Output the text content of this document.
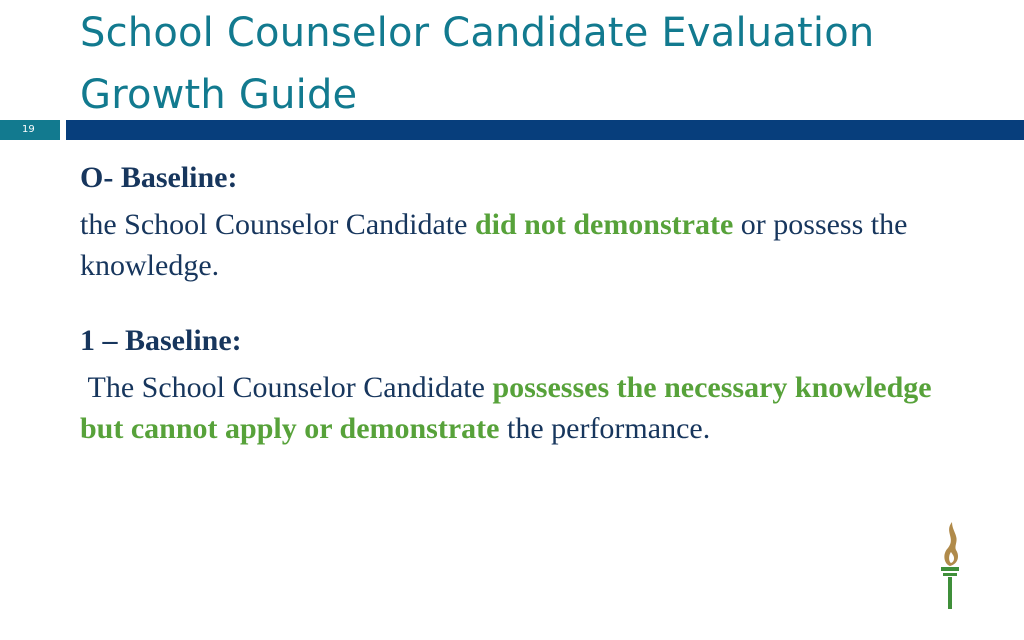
School Counselor Candidate Evaluation
Growth Guide
19

O- Baseline:

the School Counselor Candidate did not demonstrate or possess the knowledge.

1 – Baseline:

The School Counselor Candidate possesses the necessary knowledge but cannot apply or demonstrate the performance.
